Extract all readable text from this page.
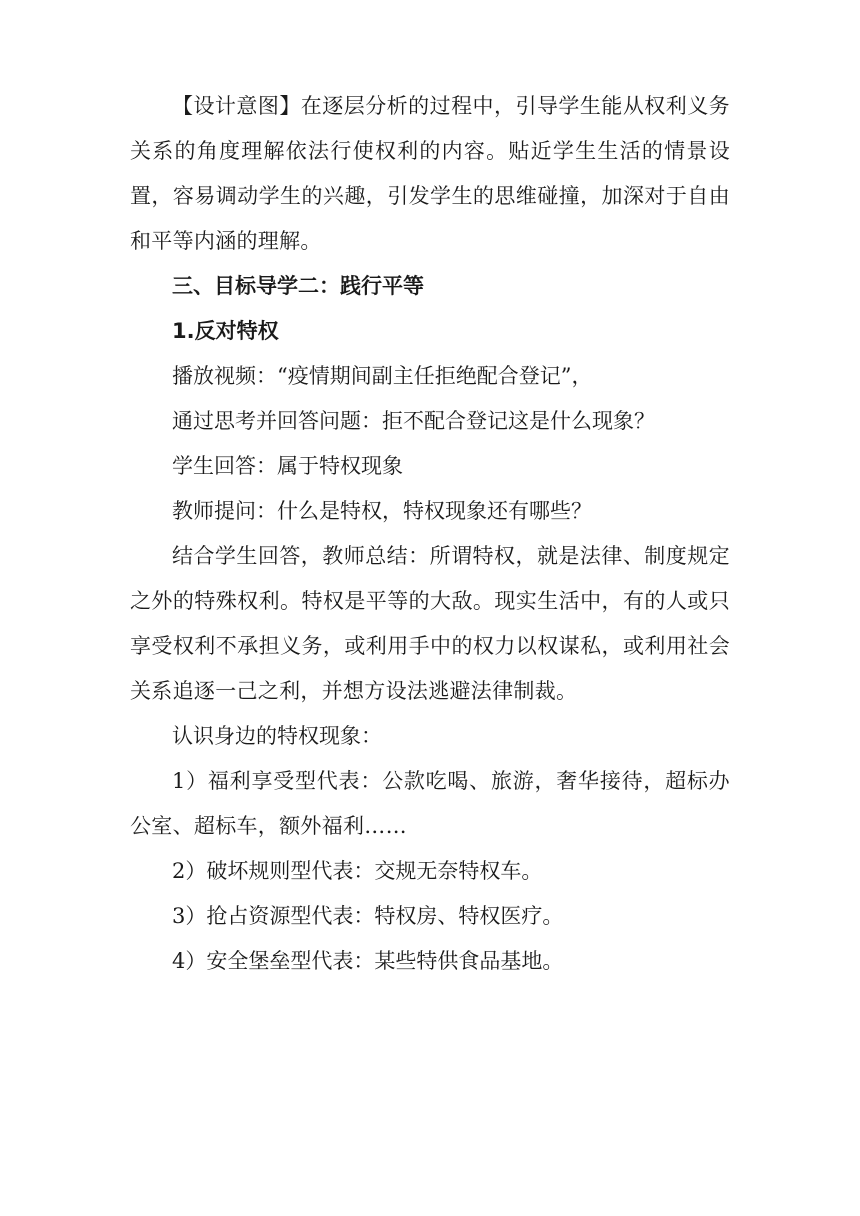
【设计意图】在逐层分析的过程中，引导学生能从权利义务关系的角度理解依法行使权利的内容。贴近学生生活的情景设置，容易调动学生的兴趣，引发学生的思维碰撞，加深对于自由和平等内涵的理解。

三、目标导学二：践行平等

1.反对特权

播放视频：“疫情期间副主任拒绝配合登记”，

通过思考并回答问题：拒不配合登记这是什么现象？

学生回答：属于特权现象

教师提问：什么是特权，特权现象还有哪些？

结合学生回答，教师总结：所谓特权，就是法律、制度规定之外的特殊权利。特权是平等的大敌。现实生活中，有的人或只享受权利不承担义务，或利用手中的权力以权谋私，或利用社会关系追逐一己之利，并想方设法逃避法律制裁。

认识身边的特权现象：

1）福利享受型代表：公款吃喝、旅游，奢华接待，超标办公室、超标车，额外福利……

2）破坏规则型代表：交规无奈特权车。

3）抢占资源型代表：特权房、特权医疗。

4）安全堡垒型代表：某些特供食品基地。
